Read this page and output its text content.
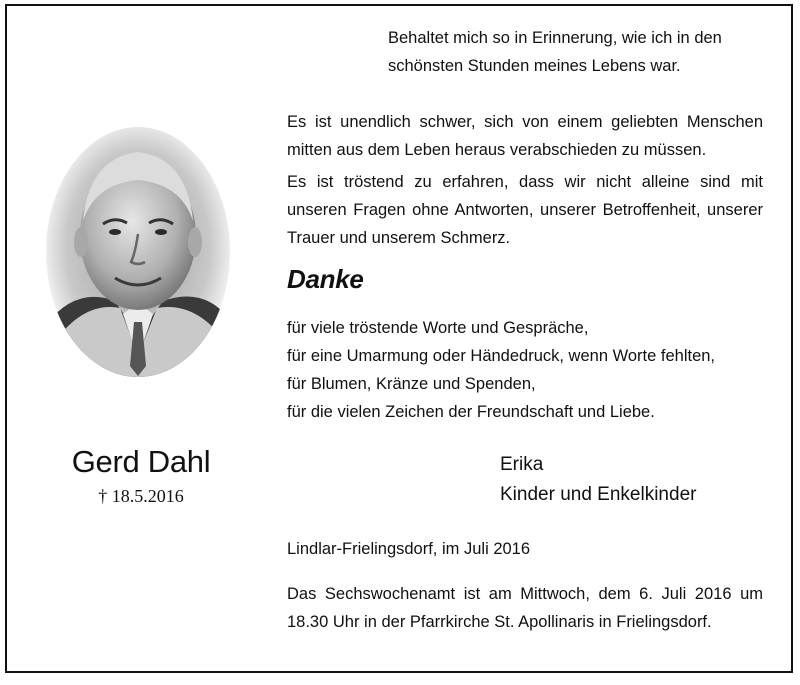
Behaltet mich so in Erinnerung, wie ich in den
schönsten Stunden meines Lebens war.

Es ist unendlich schwer, sich von einem geliebten Menschen mitten aus dem Leben heraus verabschieden zu müssen.

Es ist tröstend zu erfahren, dass wir nicht alleine sind mit unseren Fragen ohne Antworten, unserer Betroffenheit, unserer Trauer und unserem Schmerz.

Gerd Dahl
† 18.5.2016
Danke
für viele tröstende Worte und Gespräche,
für eine Umarmung oder Händedruck, wenn Worte fehlten,
für Blumen, Kränze und Spenden,
für die vielen Zeichen der Freundschaft und Liebe.
Erika
Kinder und Enkelkinder
Lindlar-Frielingsdorf, im Juli 2016
Das Sechswochenamt ist am Mittwoch, dem 6. Juli 2016 um 18.30 Uhr in der Pfarrkirche St. Apollinaris in Frielingsdorf.
